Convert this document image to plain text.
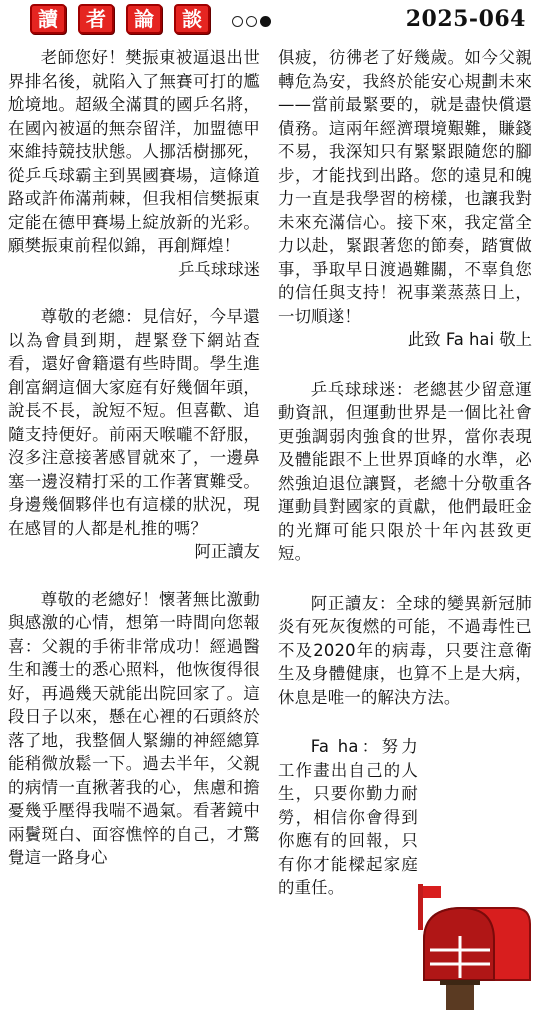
讀	者	論	談	2025-064

老師您好！樊振東被逼退出世界排名後，就陷入了無賽可打的尷尬境地。超級全滿貫的國乒名將，在國內被逼的無奈留洋，加盟德甲來維持競技狀態。人挪活樹挪死，從乒乓球霸主到異國賽場，這條道路或許佈滿荊棘，但我相信樊振東定能在德甲賽場上綻放新的光彩。願樊振東前程似錦，再創輝煌！

乒乓球球迷

尊敬的老總：見信好，今早還以為會員到期，趕緊登下網站查看，還好會籍還有些時間。學生進創富網這個大家庭有好幾個年頭，說長不長，說短不短。但喜歡、追隨支持便好。前兩天喉嚨不舒服，沒多注意接著感冒就來了，一邊鼻塞一邊沒精打采的工作著實難受。身邊幾個夥伴也有這樣的狀況，現在感冒的人都是札推的嗎？

阿正讀友

尊敬的老總好！懷著無比激動與感激的心情，想第一時間向您報喜：父親的手術非常成功！經過醫生和護士的悉心照料，他恢復得很好，再過幾天就能出院回家了。這段日子以來，懸在心裡的石頭終於落了地，我整個人緊繃的神經總算能稍微放鬆一下。過去半年，父親的病情一直揪著我的心，焦慮和擔憂幾乎壓得我喘不過氣。看著鏡中兩鬢斑白、面容憔悴的自己，才驚覺這一路身心

俱疲，彷彿老了好幾歲。如今父親轉危為安，我終於能安心規劃未來——當前最緊要的，就是盡快償還債務。這兩年經濟環境艱難，賺錢不易，我深知只有緊緊跟隨您的腳步，才能找到出路。您的遠見和魄力一直是我學習的榜樣，也讓我對未來充滿信心。接下來，我定當全力以赴，緊跟著您的節奏，踏實做事，爭取早日渡過難關，不辜負您的信任與支持！祝事業蒸蒸日上，一切順遂！

此致 Fa hai 敬上

乒乓球球迷：老總甚少留意運動資訊，但運動世界是一個比社會更強調弱肉強食的世界，當你表現及體能跟不上世界頂峰的水準，必然強迫退位讓賢，老總十分敬重各運動員對國家的貢獻，他們最旺金的光輝可能只限於十年內甚致更短。

阿正讀友：全球的變異新冠肺炎有死灰復燃的可能，不過毒性已不及2020年的病毒，只要注意衛生及身體健康，也算不上是大病，休息是唯一的解決方法。

Fa ha：努力工作畫出自己的人生，只要你勤力耐勞，相信你會得到你應有的回報，只有你才能樑起家庭的重任。
